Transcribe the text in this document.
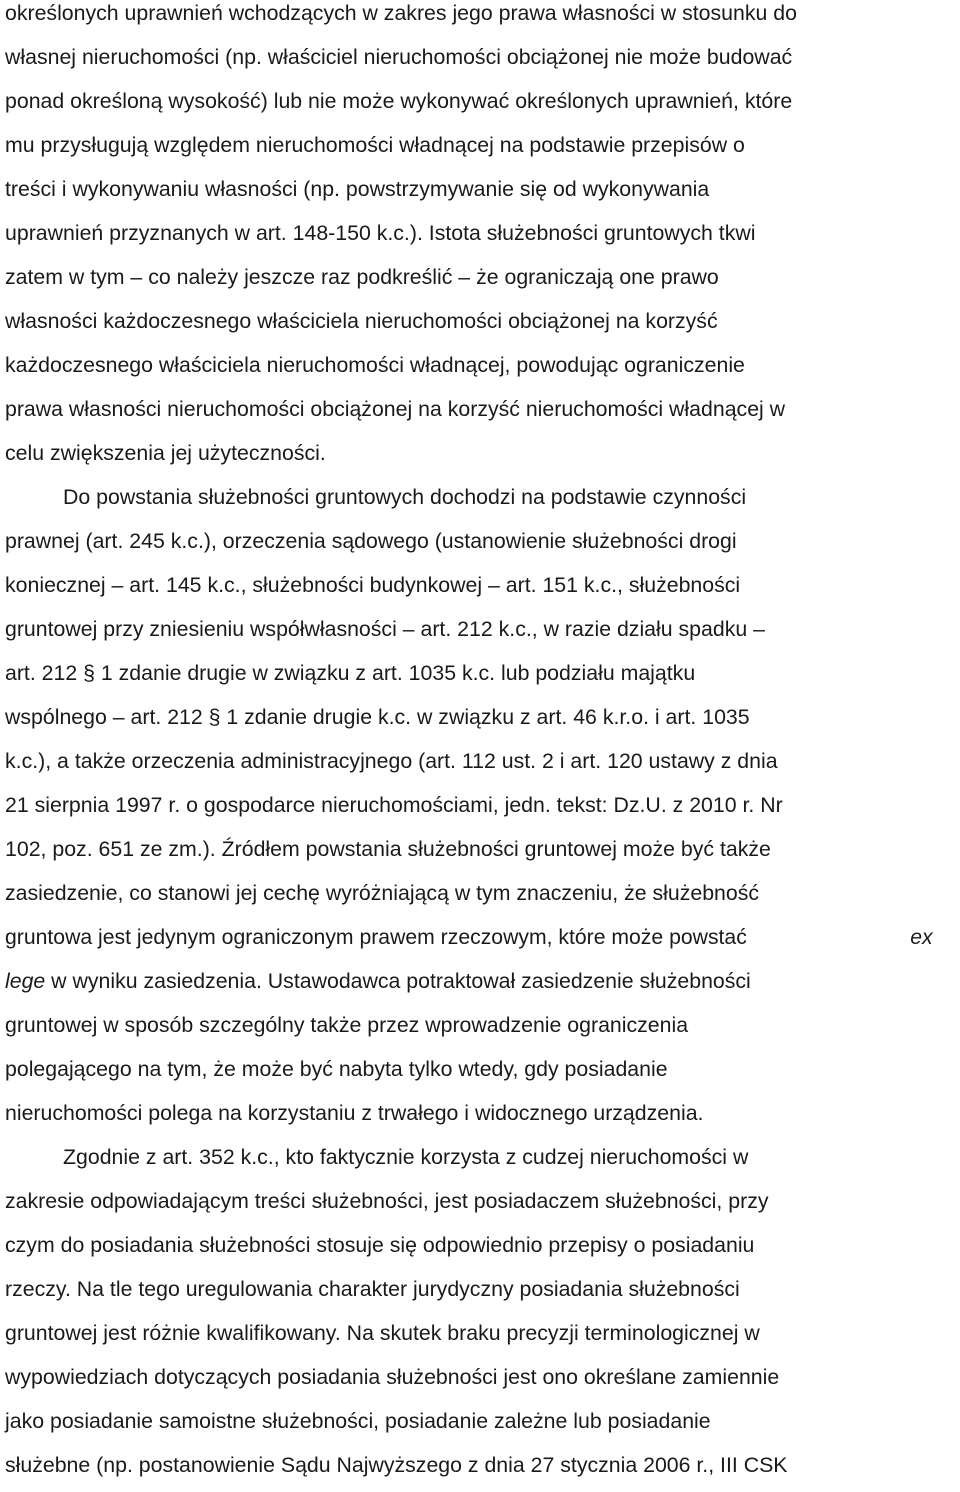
określonych uprawnień wchodzących w zakres jego prawa własności w stosunku do
własnej nieruchomości (np. właściciel nieruchomości obciążonej nie może budować
ponad określoną wysokość) lub nie może wykonywać określonych uprawnień, które
mu przysługują względem nieruchomości władnącej na podstawie przepisów o
treści i wykonywaniu własności (np. powstrzymywanie się od wykonywania
uprawnień przyznanych w art. 148-150 k.c.). Istota służebności gruntowych tkwi
zatem w tym – co należy jeszcze raz podkreślić – że ograniczają one prawo
własności każdoczesnego właściciela nieruchomości obciążonej na korzyść
każdoczesnego właściciela nieruchomości władnącej, powodując ograniczenie
prawa własności nieruchomości obciążonej na korzyść nieruchomości władnącej w
celu zwiększenia jej użyteczności.
Do powstania służebności gruntowych dochodzi na podstawie czynności
prawnej (art. 245 k.c.), orzeczenia sądowego (ustanowienie służebności drogi
koniecznej – art. 145 k.c., służebności budynkowej – art. 151 k.c., służebności
gruntowej przy zniesieniu współwłasności – art. 212 k.c., w razie działu spadku –
art. 212 § 1 zdanie drugie w związku z art. 1035 k.c. lub podziału majątku
wspólnego – art. 212 § 1 zdanie drugie k.c. w związku z art. 46 k.r.o. i art. 1035
k.c.), a także orzeczenia administracyjnego (art. 112 ust. 2 i art. 120 ustawy z dnia
21 sierpnia 1997 r. o gospodarce nieruchomościami, jedn. tekst: Dz.U. z 2010 r. Nr
102, poz. 651 ze zm.). Źródłem powstania służebności gruntowej może być także
zasiedzenie, co stanowi jej cechę wyróżniającą w tym znaczeniu, że służebność
gruntowa jest jedynym ograniczonym prawem rzeczowym, które może powstać	ex
lege w wyniku zasiedzenia. Ustawodawca potraktował zasiedzenie służebności
gruntowej w sposób szczególny także przez wprowadzenie ograniczenia
polegającego na tym, że może być nabyta tylko wtedy, gdy posiadanie
nieruchomości polega na korzystaniu z trwałego i widocznego urządzenia.
Zgodnie z art. 352 k.c., kto faktycznie korzysta z cudzej nieruchomości w
zakresie odpowiadającym treści służebności, jest posiadaczem służebności, przy
czym do posiadania służebności stosuje się odpowiednio przepisy o posiadaniu
rzeczy. Na tle tego uregulowania charakter jurydyczny posiadania służebności
gruntowej jest różnie kwalifikowany. Na skutek braku precyzji terminologicznej w
wypowiedziach dotyczących posiadania służebności jest ono określane zamiennie
jako posiadanie samoistne służebności, posiadanie zależne lub posiadanie
służebne (np. postanowienie Sądu Najwyższego z dnia 27 stycznia 2006 r., III CSK
